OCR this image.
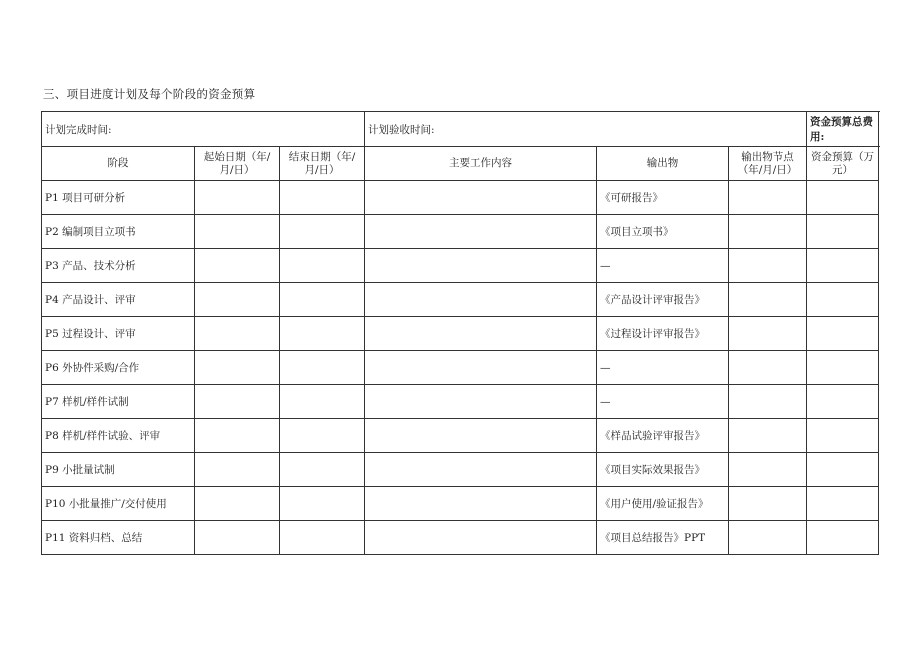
三、项目进度计划及每个阶段的资金预算
计划完成时间:			计划验收时间:			资金预算总费用:
阶段	起始日期（年/月/日）	结束日期（年/月/日）	主要工作内容	输出物	输出物节点（年/月/日）	资金预算（万元）
P1 项目可研分析				《可研报告》		
P2 编制项目立项书				《项目立项书》		
P3 产品、技术分析				—		
P4 产品设计、评审				《产品设计评审报告》		
P5 过程设计、评审				《过程设计评审报告》		
P6 外协件采购/合作				—		
P7 样机/样件试制				—		
P8 样机/样件试验、评审				《样品试验评审报告》		
P9 小批量试制				《项目实际效果报告》		
P10 小批量推广/交付使用				《用户使用/验证报告》		
P11 资料归档、总结				《项目总结报告》PPT		
